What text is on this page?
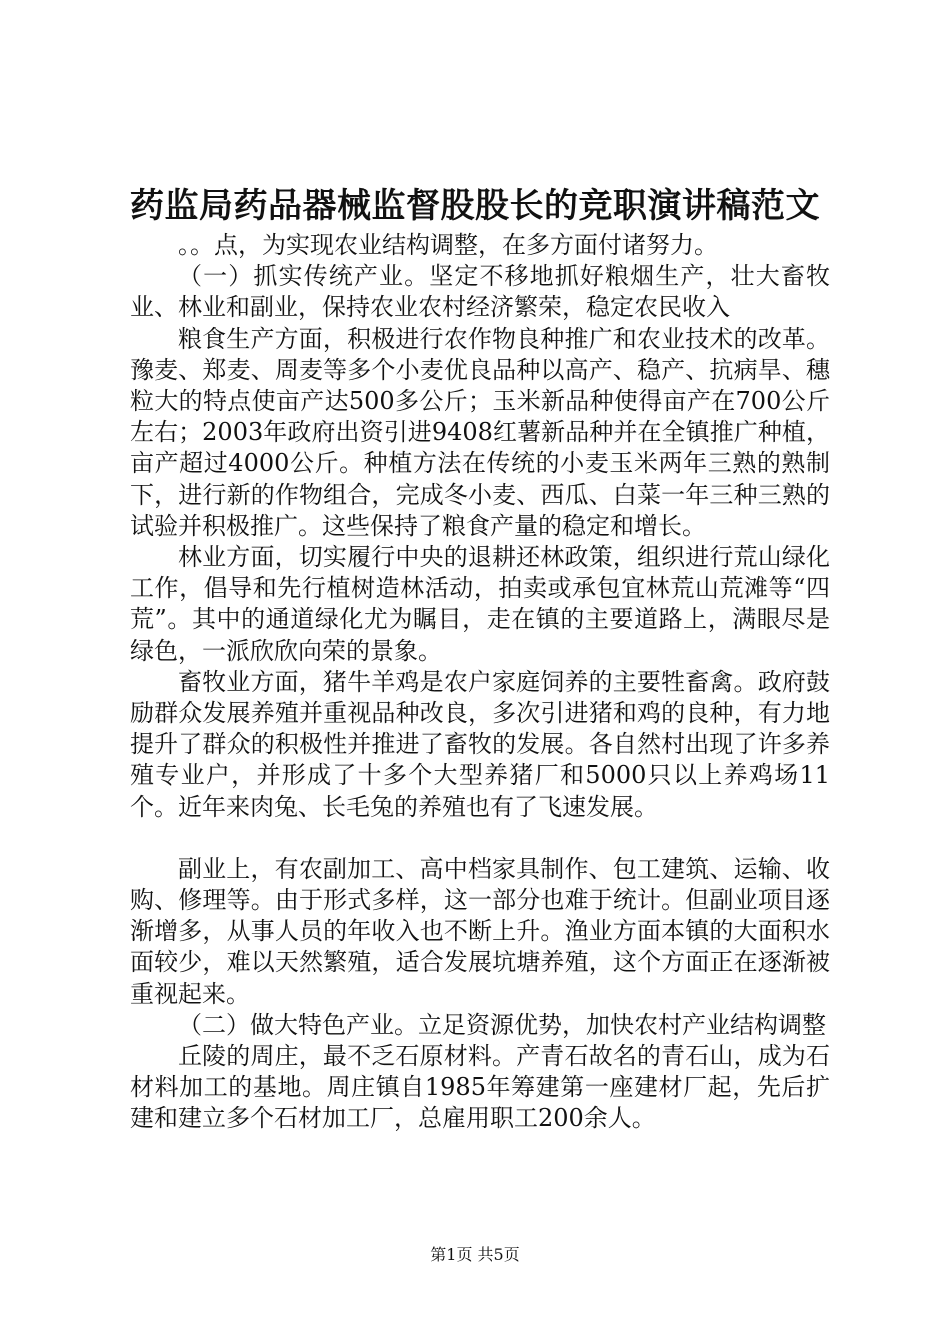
药监局药品器械监督股股长的竞职演讲稿范文

。。点，为实现农业结构调整，在多方面付诸努力。

（一）抓实传统产业。坚定不移地抓好粮烟生产，壮大畜牧业、林业和副业，保持农业农村经济繁荣，稳定农民收入

粮食生产方面，积极进行农作物良种推广和农业技术的改革。豫麦、郑麦、周麦等多个小麦优良品种以高产、稳产、抗病旱、穗粒大的特点使亩产达500多公斤；玉米新品种使得亩产在700公斤左右；2003年政府出资引进9408红薯新品种并在全镇推广种植，亩产超过4000公斤。种植方法在传统的小麦玉米两年三熟的熟制下，进行新的作物组合，完成冬小麦、西瓜、白菜一年三种三熟的试验并积极推广。这些保持了粮食产量的稳定和增长。

林业方面，切实履行中央的退耕还林政策，组织进行荒山绿化工作，倡导和先行植树造林活动，拍卖或承包宜林荒山荒滩等“四荒”。其中的通道绿化尤为瞩目，走在镇的主要道路上，满眼尽是绿色，一派欣欣向荣的景象。

畜牧业方面，猪牛羊鸡是农户家庭饲养的主要牲畜禽。政府鼓励群众发展养殖并重视品种改良，多次引进猪和鸡的良种，有力地提升了群众的积极性并推进了畜牧的发展。各自然村出现了许多养殖专业户，并形成了十多个大型养猪厂和5000只以上养鸡场11个。近年来肉兔、长毛兔的养殖也有了飞速发展。

副业上，有农副加工、高中档家具制作、包工建筑、运输、收购、修理等。由于形式多样，这一部分也难于统计。但副业项目逐渐增多，从事人员的年收入也不断上升。渔业方面本镇的大面积水面较少，难以天然繁殖，适合发展坑塘养殖，这个方面正在逐渐被重视起来。

（二）做大特色产业。立足资源优势，加快农村产业结构调整

丘陵的周庄，最不乏石原材料。产青石故名的青石山，成为石材料加工的基地。周庄镇自1985年筹建第一座建材厂起，先后扩建和建立多个石材加工厂，总雇用职工200余人。

第1页 共5页
